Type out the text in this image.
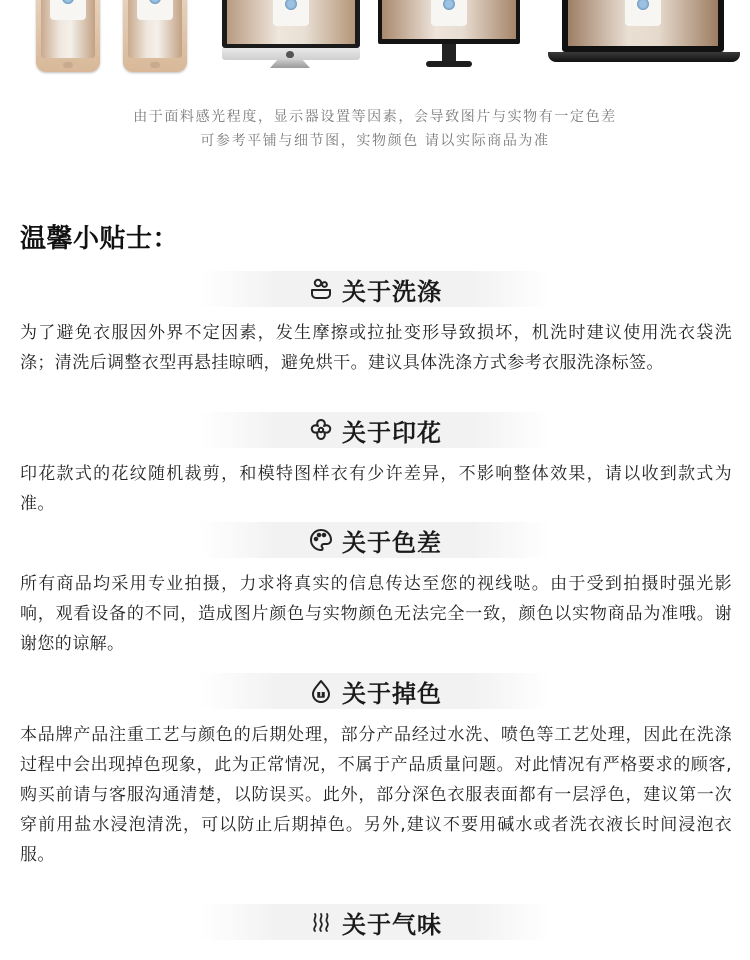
由于面料感光程度，显示器设置等因素，会导致图片与实物有一定色差
可参考平铺与细节图，实物颜色 请以实际商品为准
温馨小贴士：
关于洗涤

为了避免衣服因外界不定因素，发生摩擦或拉扯变形导致损坏，机洗时建议使用洗衣袋洗涤；清洗后调整衣型再悬挂晾晒，避免烘干。建议具体洗涤方式参考衣服洗涤标签。

关于印花

印花款式的花纹随机裁剪，和模特图样衣有少许差异，不影响整体效果，请以收到款式为准。

关于色差

所有商品均采用专业拍摄，力求将真实的信息传达至您的视线哒。由于受到拍摄时强光影响，观看设备的不同，造成图片颜色与实物颜色无法完全一致，颜色以实物商品为准哦。谢谢您的谅解。

关于掉色

本品牌产品注重工艺与颜色的后期处理，部分产品经过水洗、喷色等工艺处理，因此在洗涤过程中会出现掉色现象，此为正常情况，不属于产品质量问题。对此情况有严格要求的顾客,购买前请与客服沟通清楚，以防误买。此外，部分深色衣服表面都有一层浮色，建议第一次穿前用盐水浸泡清洗，可以防止后期掉色。另外,建议不要用碱水或者洗衣液长时间浸泡衣服。

关于气味
